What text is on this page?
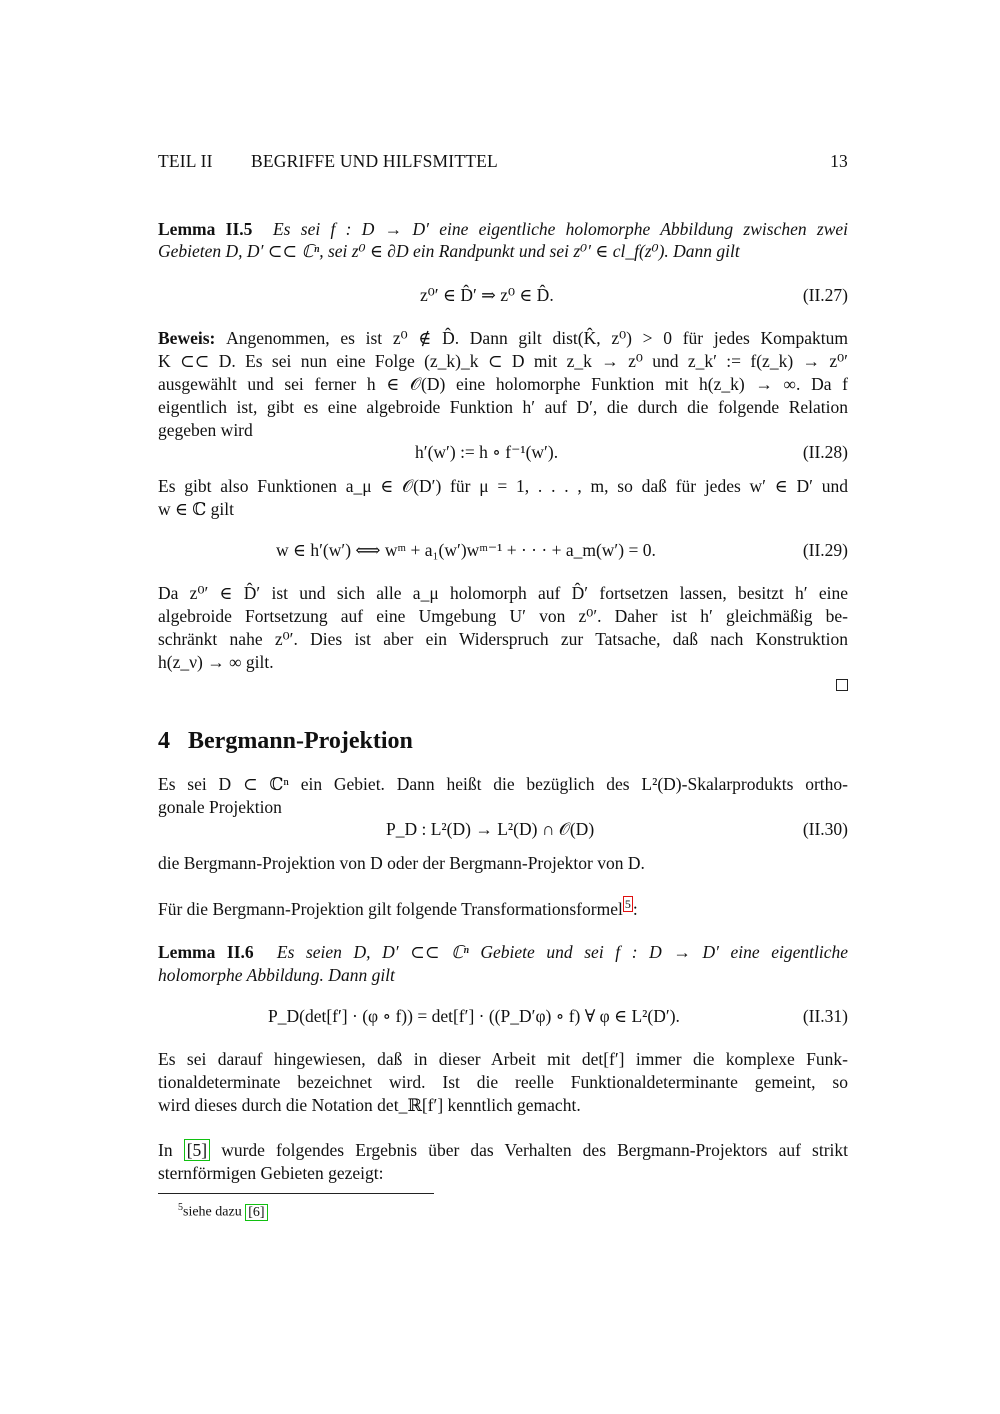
TEIL II BEGRIFFE UND HILFSMITTEL	13
Lemma II.5 Es sei f : D → D′ eine eigentliche holomorphe Abbildung zwischen zwei
Gebieten D, D′ ⊂⊂ ℂⁿ, sei z⁰ ∈ ∂D ein Randpunkt und sei z⁰′ ∈ cl_f(z⁰). Dann gilt
z⁰′ ∈ D̂′ ⇒ z⁰ ∈ D̂.	(II.27)
Beweis: Angenommen, es ist z⁰ ∉ D̂. Dann gilt dist(K̂, z⁰) > 0 für jedes Kompaktum
K ⊂⊂ D. Es sei nun eine Folge (z_k)_k ⊂ D mit z_k → z⁰ und z_k′ := f(z_k) → z⁰′
ausgewählt und sei ferner h ∈ 𝒪(D) eine holomorphe Funktion mit h(z_k) → ∞. Da f
eigentlich ist, gibt es eine algebroide Funktion h′ auf D′, die durch die folgende Relation
gegeben wird
h′(w′) := h ∘ f⁻¹(w′).	(II.28)
Es gibt also Funktionen a_μ ∈ 𝒪(D′) für μ = 1, . . . , m, so daß für jedes w′ ∈ D′ und
w ∈ ℂ gilt
w ∈ h′(w′) ⟺ wᵐ + a₁(w′)wᵐ⁻¹ + · · · + a_m(w′) = 0.	(II.29)
Da z⁰′ ∈ D̂′ ist und sich alle a_μ holomorph auf D̂′ fortsetzen lassen, besitzt h′ eine
algebroide Fortsetzung auf eine Umgebung U′ von z⁰′. Daher ist h′ gleichmäßig be-
schränkt nahe z⁰′. Dies ist aber ein Widerspruch zur Tatsache, daß nach Konstruktion
h(z_ν) → ∞ gilt.
4 Bergmann-Projektion
Es sei D ⊂ ℂⁿ ein Gebiet. Dann heißt die bezüglich des L²(D)-Skalarprodukts ortho-
gonale Projektion
P_D : L²(D) → L²(D) ∩ 𝒪(D)	(II.30)
die Bergmann-Projektion von D oder der Bergmann-Projektor von D.
Für die Bergmann-Projektion gilt folgende Transformationsformel $^5$ :
Lemma II.6 Es seien D, D′ ⊂⊂ ℂⁿ Gebiete und sei f : D → D′ eine eigentliche
holomorphe Abbildung. Dann gilt
P_D(det[f′] · (φ ∘ f)) = det[f′] · ((P_D′φ) ∘ f) ∀ φ ∈ L²(D′).	(II.31)
Es sei darauf hingewiesen, daß in dieser Arbeit mit det[f′] immer die komplexe Funk-
tionaldeterminate bezeichnet wird. Ist die reelle Funktionaldeterminante gemeint, so
wird dieses durch die Notation det_ℝ[f′] kenntlich gemacht.
In [5] wurde folgendes Ergebnis über das Verhalten des Bergmann-Projektors auf strikt
sternförmigen Gebieten gezeigt:
$^5$siehe dazu [6]
